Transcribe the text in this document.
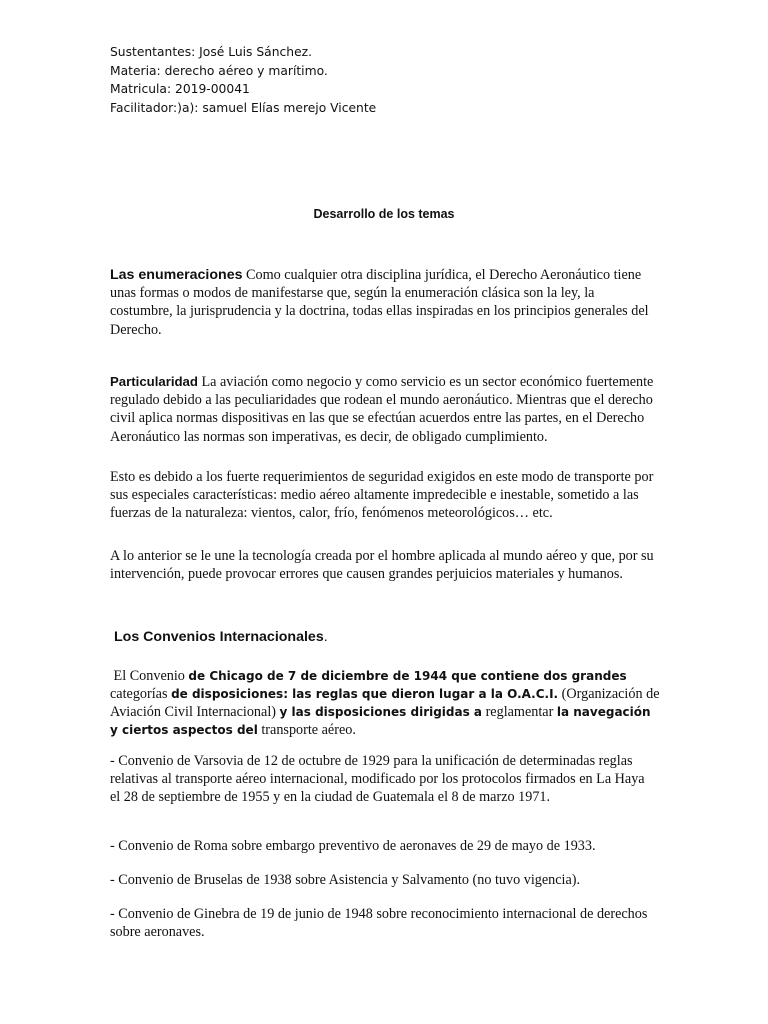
Sustentantes: José Luis Sánchez.
Materia: derecho aéreo y marítimo.
Matricula: 2019-00041
Facilitador:)a): samuel Elías merejo Vicente
Desarrollo de los temas

Las enumeraciones Como cualquier otra disciplina jurídica, el Derecho Aeronáutico tiene unas formas o modos de manifestarse que, según la enumeración clásica son la ley, la costumbre, la jurisprudencia y la doctrina, todas ellas inspiradas en los principios generales del Derecho.

Particularidad La aviación como negocio y como servicio es un sector económico fuertemente regulado debido a las peculiaridades que rodean el mundo aeronáutico. Mientras que el derecho civil aplica normas dispositivas en las que se efectúan acuerdos entre las partes, en el Derecho Aeronáutico las normas son imperativas, es decir, de obligado cumplimiento.

Esto es debido a los fuerte requerimientos de seguridad exigidos en este modo de transporte por sus especiales características: medio aéreo altamente impredecible e inestable, sometido a las fuerzas de la naturaleza: vientos, calor, frío, fenómenos meteorológicos… etc.

A lo anterior se le une la tecnología creada por el hombre aplicada al mundo aéreo y que, por su intervención, puede provocar errores que causen grandes perjuicios materiales y humanos.

Los Convenios Internacionales.

El Convenio de Chicago de 7 de diciembre de 1944 que contiene dos grandes categorías de disposiciones: las reglas que dieron lugar a la O.A.C.I. (Organización de Aviación Civil Internacional) y las disposiciones dirigidas a reglamentar la navegación y ciertos aspectos del transporte aéreo.

- Convenio de Varsovia de 12 de octubre de 1929 para la unificación de determinadas reglas relativas al transporte aéreo internacional, modificado por los protocolos firmados en La Haya el 28 de septiembre de 1955 y en la ciudad de Guatemala el 8 de marzo 1971.

- Convenio de Roma sobre embargo preventivo de aeronaves de 29 de mayo de 1933.

- Convenio de Bruselas de 1938 sobre Asistencia y Salvamento (no tuvo vigencia).

- Convenio de Ginebra de 19 de junio de 1948 sobre reconocimiento internacional de derechos sobre aeronaves.
